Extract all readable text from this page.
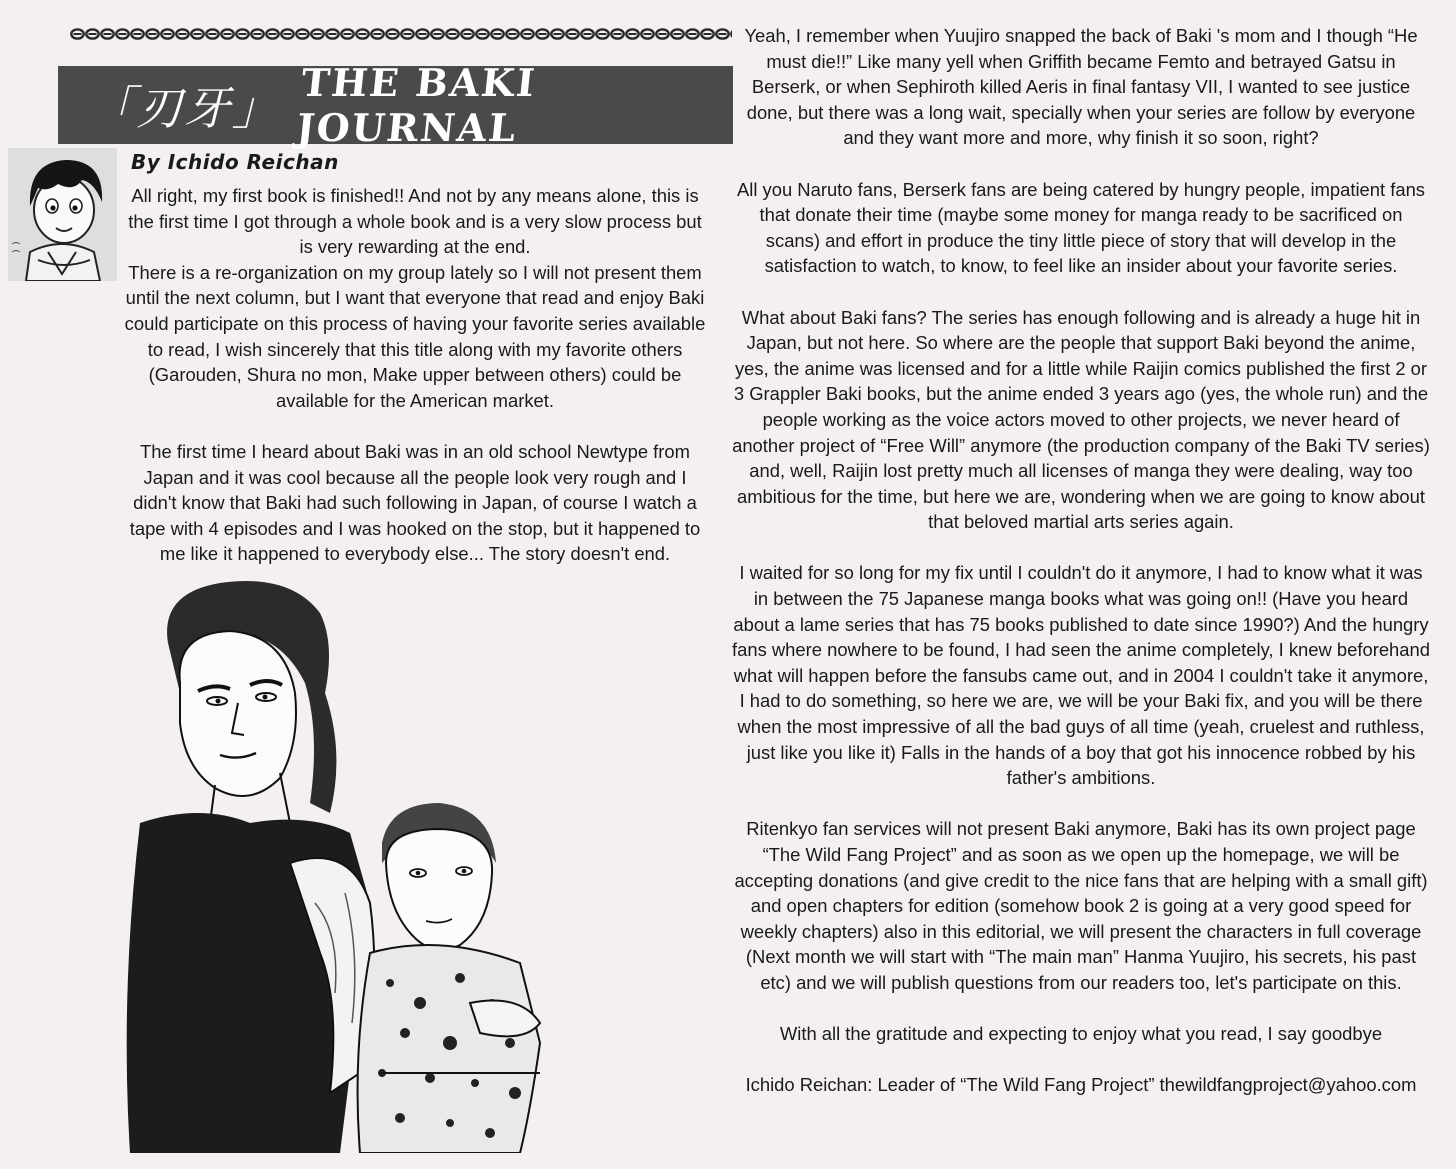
「刃牙」 THE BAKI JOURNAL
By Ichido Reichan

All right, my first book is finished!! And not by any means alone, this is the first time I got through a whole book and is a very slow process but is very rewarding at the end.

There is a re-organization on my group lately so I will not present them until the next column, but I want that everyone that read and enjoy Baki could participate on this process of having your favorite series available to read, I wish sincerely that this title along with my favorite others (Garouden, Shura no mon, Make upper between others) could be available for the American market.

The first time I heard about Baki was in an old school Newtype from Japan and it was cool because all the people look very rough and I didn't know that Baki had such following in Japan, of course I watch a tape with 4 episodes and I was hooked on the stop, but it happened to me like it happened to everybody else... The story doesn't end.

Yeah, I remember when Yuujiro snapped the back of Baki 's mom and I though “He must die!!” Like many yell when Griffith became Femto and betrayed Gatsu in Berserk, or when Sephiroth killed Aeris in final fantasy VII, I wanted to see justice done, but there was a long wait, specially when your series are follow by everyone and they want more and more, why finish it so soon, right?

All you Naruto fans, Berserk fans are being catered by hungry people, impatient fans that donate their time (maybe some money for manga ready to be sacrificed on scans) and effort in produce the tiny little piece of story that will develop in the satisfaction to watch, to know, to feel like an insider about your favorite series.

What about Baki fans? The series has enough following and is already a huge hit in Japan, but not here. So where are the people that support Baki beyond the anime, yes, the anime was licensed and for a little while Raijin comics published the first 2 or 3 Grappler Baki books, but the anime ended 3 years ago (yes, the whole run) and the people working as the voice actors moved to other projects, we never heard of another project of “Free Will” anymore (the production company of the Baki TV series) and, well, Raijin lost pretty much all licenses of manga they were dealing, way too ambitious for the time, but here we are, wondering when we are going to know about that beloved martial arts series again.

I waited for so long for my fix until I couldn't do it anymore, I had to know what it was in between the 75 Japanese manga books what was going on!! (Have you heard about a lame series that has 75 books published to date since 1990?) And the hungry fans where nowhere to be found, I had seen the anime completely, I knew beforehand what will happen before the fansubs came out, and in 2004 I couldn't take it anymore, I had to do something, so here we are, we will be your Baki fix, and you will be there when the most impressive of all the bad guys of all time (yeah, cruelest and ruthless, just like you like it) Falls in the hands of a boy that got his innocence robbed by his father's ambitions.

Ritenkyo fan services will not present Baki anymore, Baki has its own project page “The Wild Fang Project” and as soon as we open up the homepage, we will be accepting donations (and give credit to the nice fans that are helping with a small gift) and open chapters for edition (somehow book 2 is going at a very good speed for weekly chapters) also in this editorial, we will present the characters in full coverage (Next month we will start with “The main man” Hanma Yuujiro, his secrets, his past etc) and we will publish questions from our readers too, let's participate on this.

With all the gratitude and expecting to enjoy what you read, I say goodbye

Ichido Reichan: Leader of “The Wild Fang Project” thewildfangproject@yahoo.com
